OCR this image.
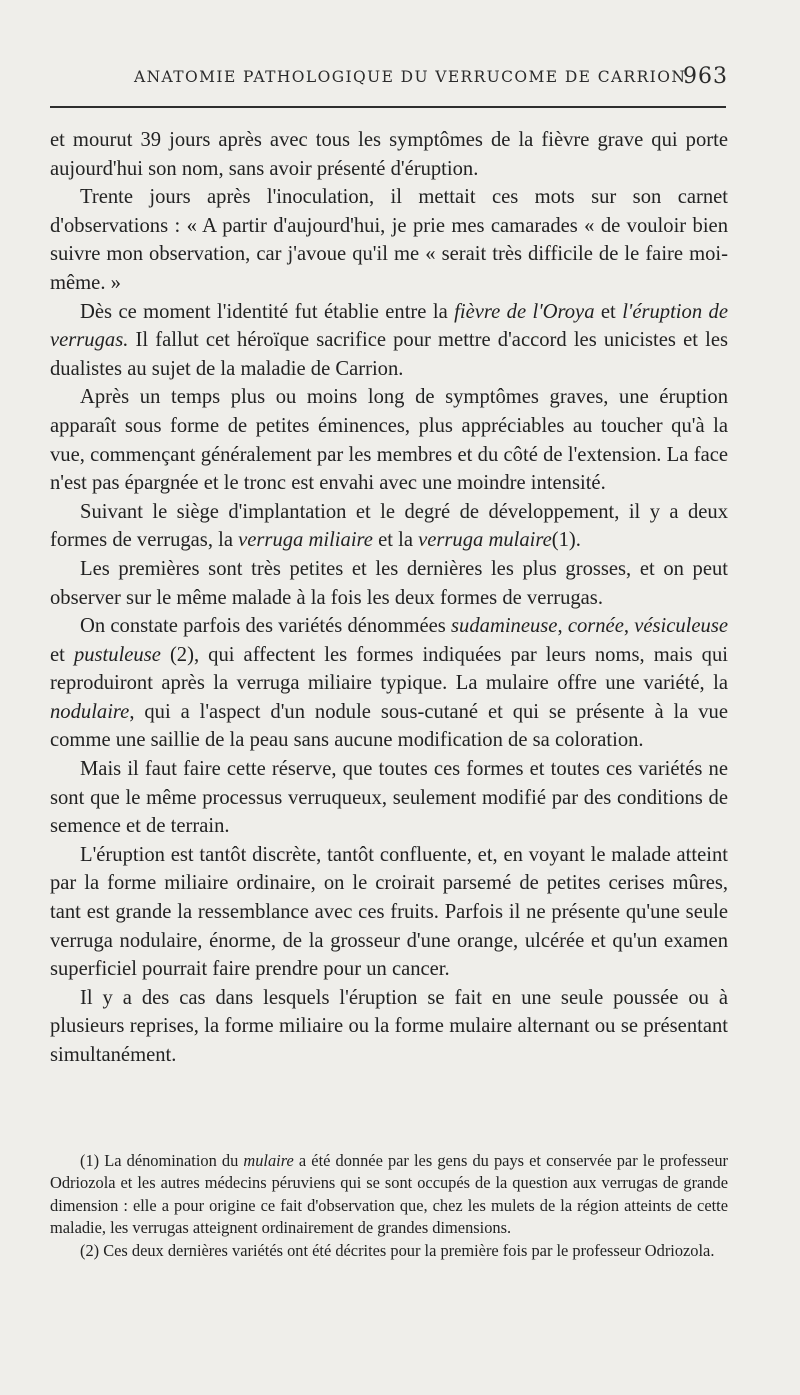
ANATOMIE PATHOLOGIQUE DU VERRUCOME DE CARRION
963

et mourut 39 jours après avec tous les symptômes de la fièvre grave qui porte aujourd'hui son nom, sans avoir présenté d'éruption.

Trente jours après l'inoculation, il mettait ces mots sur son carnet d'observations : « A partir d'aujourd'hui, je prie mes camarades « de vouloir bien suivre mon observation, car j'avoue qu'il me « serait très difficile de le faire moi-même. »

Dès ce moment l'identité fut établie entre la fièvre de l'Oroya et l'éruption de verrugas. Il fallut cet héroïque sacrifice pour mettre d'accord les unicistes et les dualistes au sujet de la maladie de Carrion.

Après un temps plus ou moins long de symptômes graves, une éruption apparaît sous forme de petites éminences, plus appréciables au toucher qu'à la vue, commençant généralement par les membres et du côté de l'extension. La face n'est pas épargnée et le tronc est envahi avec une moindre intensité.

Suivant le siège d'implantation et le degré de développement, il y a deux formes de verrugas, la verruga miliaire et la verruga mulaire(1).

Les premières sont très petites et les dernières les plus grosses, et on peut observer sur le même malade à la fois les deux formes de verrugas.

On constate parfois des variétés dénommées sudamineuse, cornée, vésiculeuse et pustuleuse (2), qui affectent les formes indiquées par leurs noms, mais qui reproduiront après la verruga miliaire typique. La mulaire offre une variété, la nodulaire, qui a l'aspect d'un nodule sous-cutané et qui se présente à la vue comme une saillie de la peau sans aucune modification de sa coloration.

Mais il faut faire cette réserve, que toutes ces formes et toutes ces variétés ne sont que le même processus verruqueux, seulement modifié par des conditions de semence et de terrain.

L'éruption est tantôt discrète, tantôt confluente, et, en voyant le malade atteint par la forme miliaire ordinaire, on le croirait parsemé de petites cerises mûres, tant est grande la ressemblance avec ces fruits. Parfois il ne présente qu'une seule verruga nodulaire, énorme, de la grosseur d'une orange, ulcérée et qu'un examen superficiel pourrait faire prendre pour un cancer.

Il y a des cas dans lesquels l'éruption se fait en une seule poussée ou à plusieurs reprises, la forme miliaire ou la forme mulaire alternant ou se présentant simultanément.

(1) La dénomination du mulaire a été donnée par les gens du pays et conservée par le professeur Odriozola et les autres médecins péruviens qui se sont occupés de la question aux verrugas de grande dimension : elle a pour origine ce fait d'observation que, chez les mulets de la région atteints de cette maladie, les verrugas atteignent ordinairement de grandes dimensions.

(2) Ces deux dernières variétés ont été décrites pour la première fois par le professeur Odriozola.
